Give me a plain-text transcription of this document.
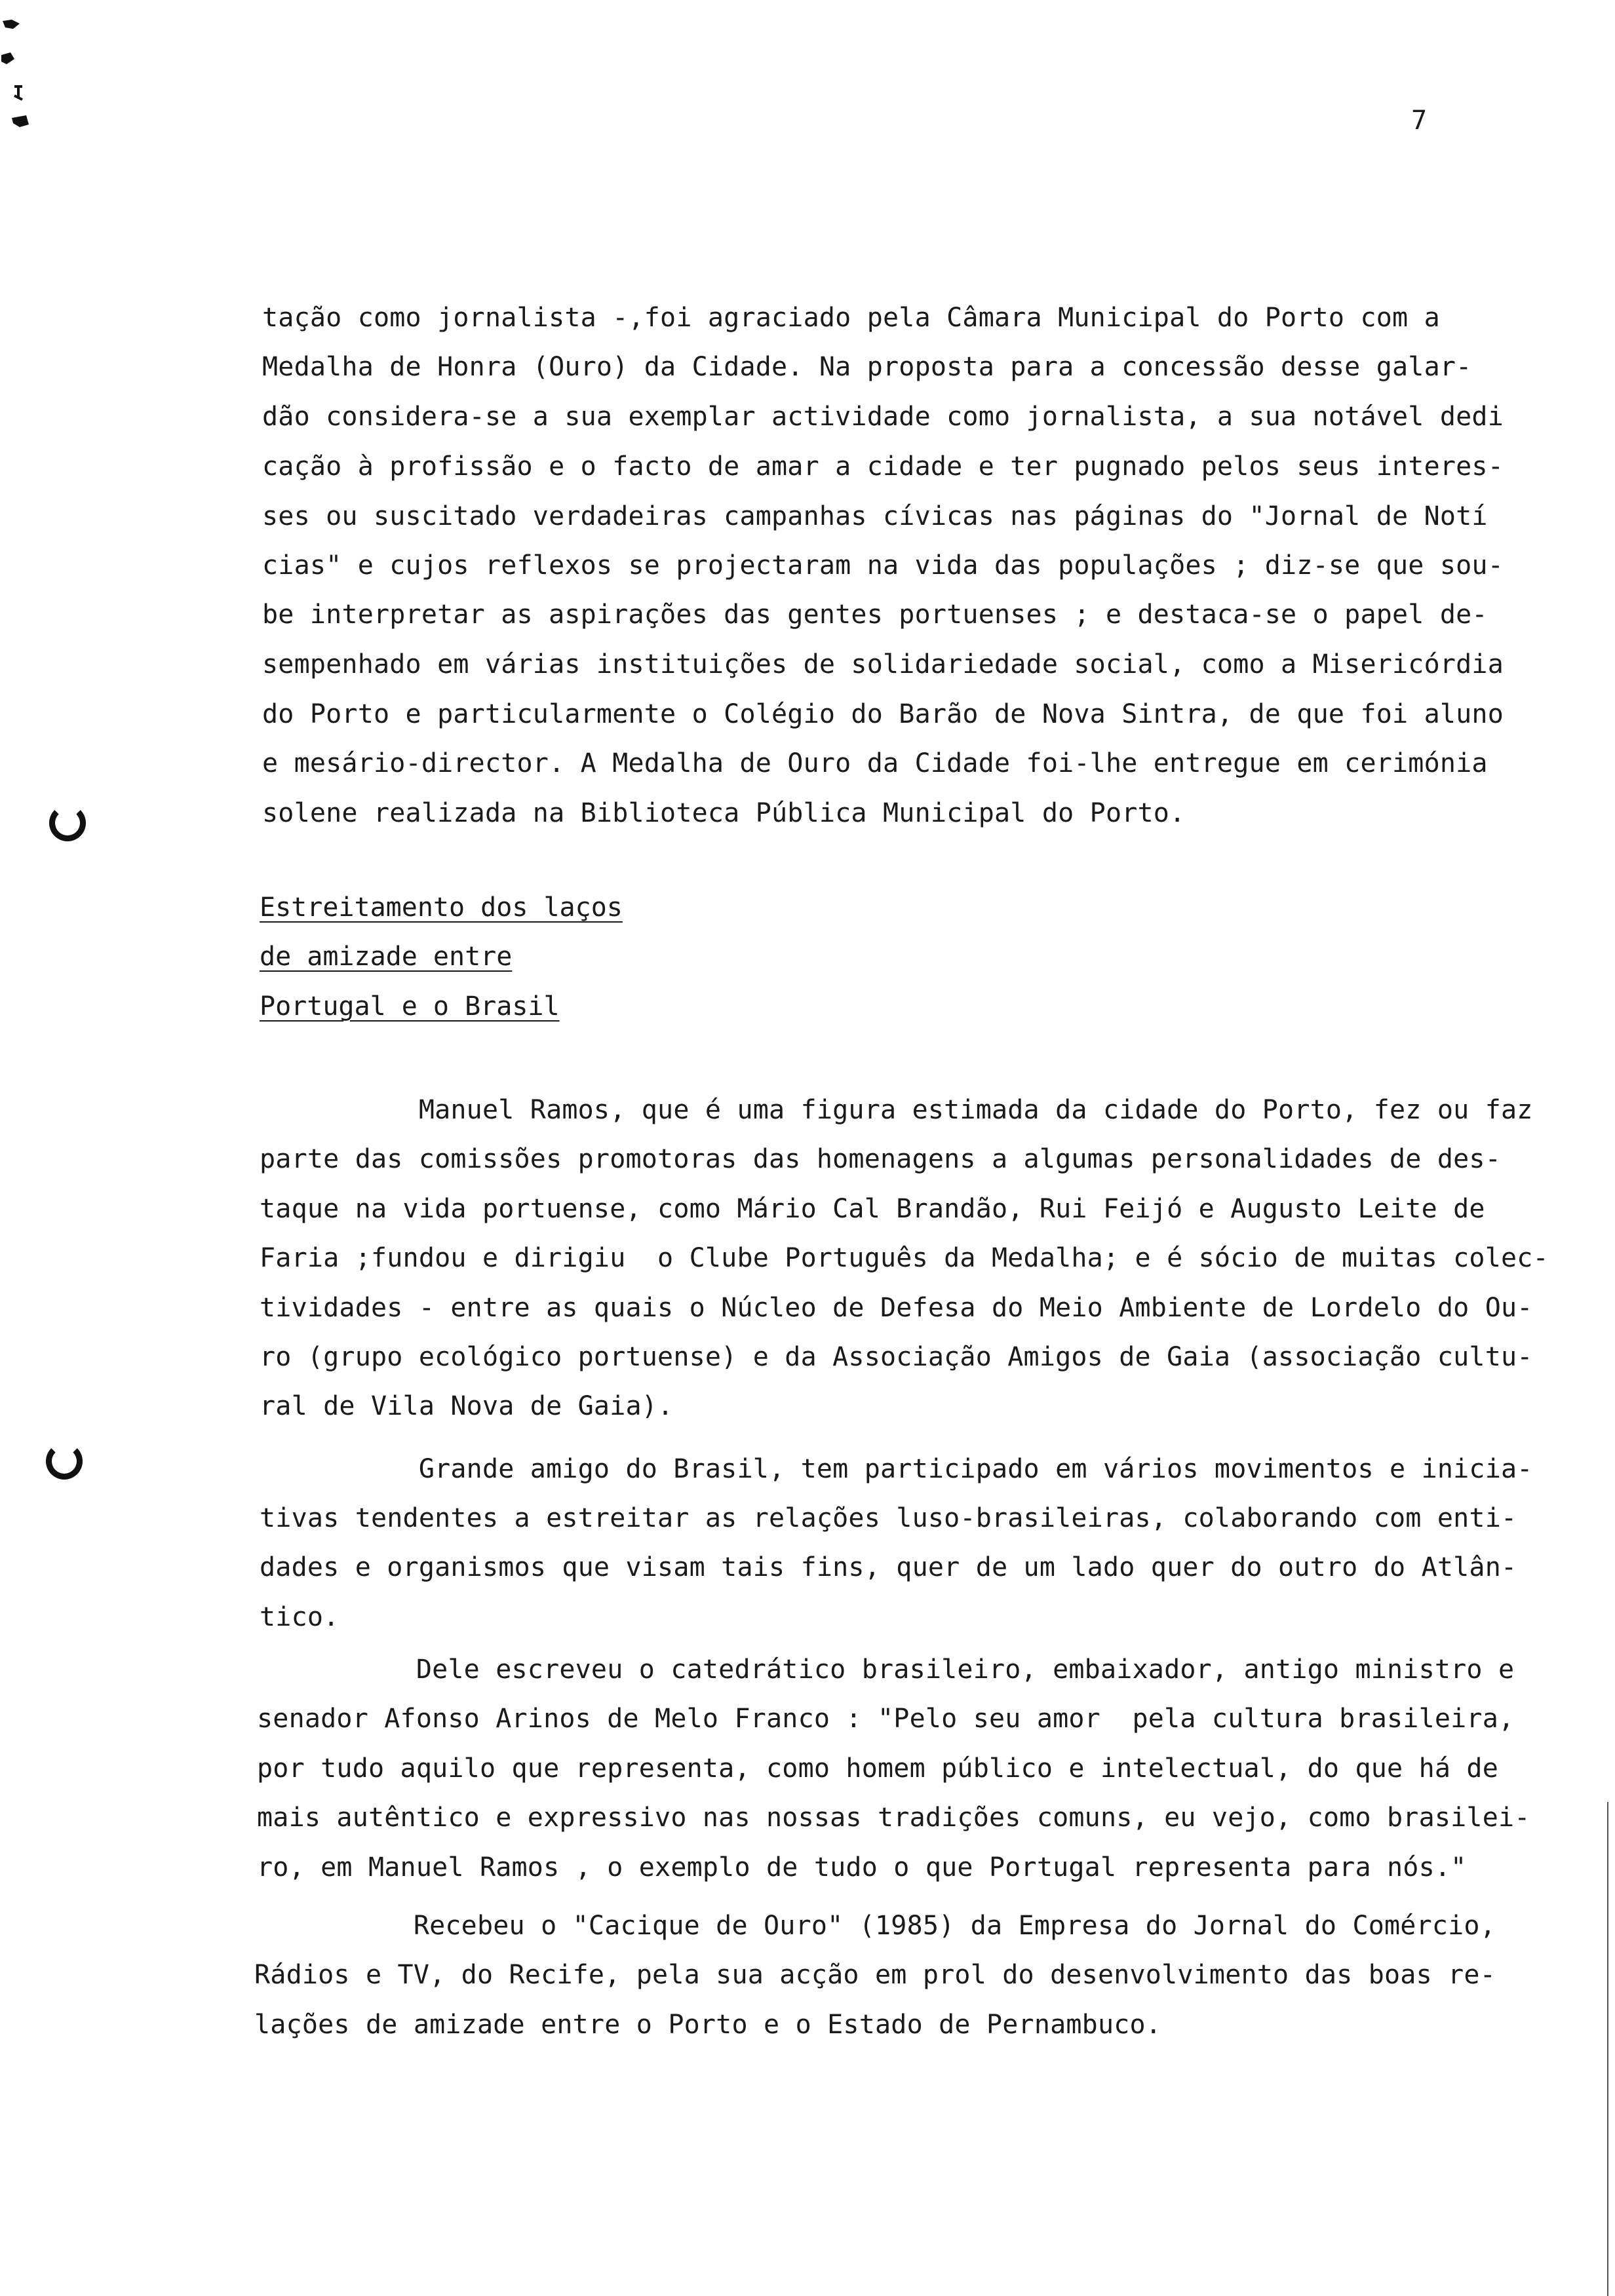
7
tação como jornalista -,foi agraciado pela Câmara Municipal do Porto com a
Medalha de Honra (Ouro) da Cidade. Na proposta para a concessão desse galar-
dão considera-se a sua exemplar actividade como jornalista, a sua notável dedi
cação à profissão e o facto de amar a cidade e ter pugnado pelos seus interes-
ses ou suscitado verdadeiras campanhas cívicas nas páginas do "Jornal de Notí
cias" e cujos reflexos se projectaram na vida das populações ; diz-se que sou-
be interpretar as aspirações das gentes portuenses ; e destaca-se o papel de-
sempenhado em várias instituições de solidariedade social, como a Misericórdia
do Porto e particularmente o Colégio do Barão de Nova Sintra, de que foi aluno
e mesário-director. A Medalha de Ouro da Cidade foi-lhe entregue em cerimónia
solene realizada na Biblioteca Pública Municipal do Porto.
Estreitamento dos laços
de amizade entre
Portugal e o Brasil
Manuel Ramos, que é uma figura estimada da cidade do Porto, fez ou faz
parte das comissões promotoras das homenagens a algumas personalidades de des-
taque na vida portuense, como Mário Cal Brandão, Rui Feijó e Augusto Leite de
Faria ;fundou e dirigiu  o Clube Português da Medalha; e é sócio de muitas colec-
tividades - entre as quais o Núcleo de Defesa do Meio Ambiente de Lordelo do Ou-
ro (grupo ecológico portuense) e da Associação Amigos de Gaia (associação cultu-
ral de Vila Nova de Gaia).
Grande amigo do Brasil, tem participado em vários movimentos e inicia-
tivas tendentes a estreitar as relações luso-brasileiras, colaborando com enti-
dades e organismos que visam tais fins, quer de um lado quer do outro do Atlân-
tico.
Dele escreveu o catedrático brasileiro, embaixador, antigo ministro e
senador Afonso Arinos de Melo Franco : "Pelo seu amor  pela cultura brasileira,
por tudo aquilo que representa, como homem público e intelectual, do que há de
mais autêntico e expressivo nas nossas tradições comuns, eu vejo, como brasilei-
ro, em Manuel Ramos , o exemplo de tudo o que Portugal representa para nós."
Recebeu o "Cacique de Ouro" (1985) da Empresa do Jornal do Comércio,
Rádios e TV, do Recife, pela sua acção em prol do desenvolvimento das boas re-
lações de amizade entre o Porto e o Estado de Pernambuco.
